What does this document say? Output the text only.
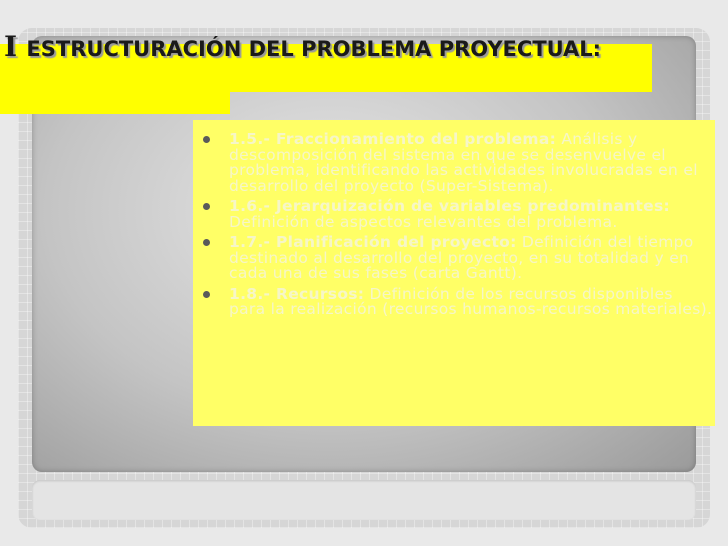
I ESTRUCTURACIÓN DEL PROBLEMA PROYECTUAL:
1.5.- Fraccionamiento del problema: Análisis y descomposición del sistema en que se desenvuelve el problema, identificando las actividades involucradas en el desarrollo del proyecto (Super-Sistema).
1.6.- Jerarquización de variables predominantes: Definición de aspectos relevantes del problema.
1.7.- Planificación del proyecto: Definición del tiempo destinado al desarrollo del proyecto, en su totalidad y en cada una de sus fases (carta Gantt).
1.8.- Recursos: Definición de los recursos disponibles para la realización (recursos humanos-recursos materiales).
